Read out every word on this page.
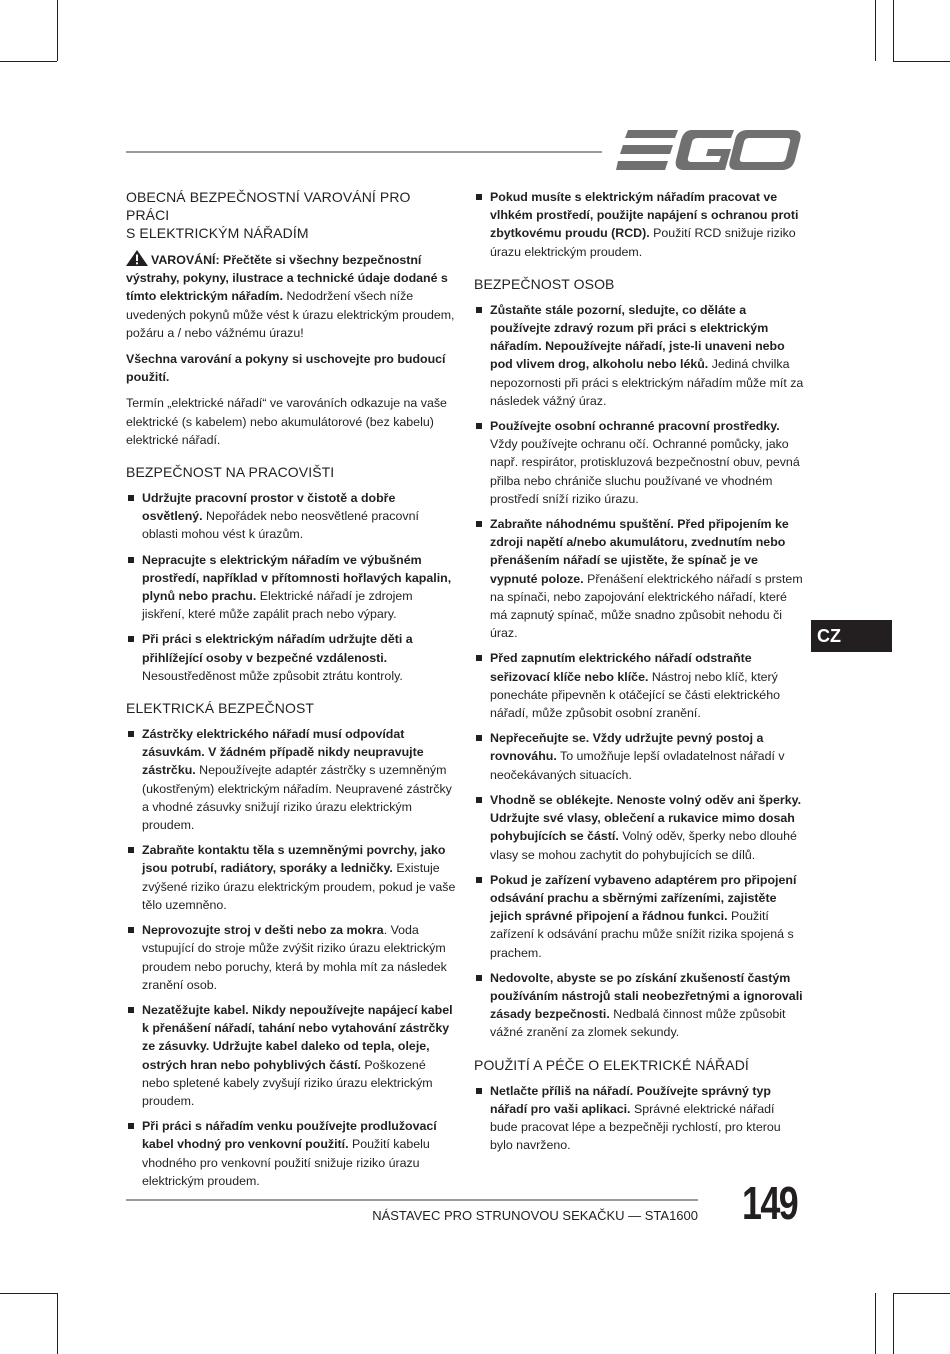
OBECNÁ BEZPEČNOSTNÍ VAROVÁNÍ PRO PRÁCI
S ELEKTRICKÝM NÁŘADÍM

VAROVÁNÍ: Přečtěte si všechny bezpečnostní výstrahy, pokyny, ilustrace a technické údaje dodané s tímto elektrickým nářadím. Nedodržení všech níže uvedených pokynů může vést k úrazu elektrickým proudem, požáru a / nebo vážnému úrazu!

Všechna varování a pokyny si uschovejte pro budoucí použití.

Termín „elektrické nářadí“ ve varováních odkazuje na vaše elektrické (s kabelem) nebo akumulátorové (bez kabelu) elektrické nářadí.

BEZPEČNOST NA PRACOVIŠTI
Udržujte pracovní prostor v čistotě a dobře osvětlený. Nepořádek nebo neosvětlené pracovní oblasti mohou vést k úrazům.
Nepracujte s elektrickým nářadím ve výbušném prostředí, například v přítomnosti hořlavých kapalin, plynů nebo prachu. Elektrické nářadí je zdrojem jiskření, které může zapálit prach nebo výpary.
Při práci s elektrickým nářadím udržujte děti a přihlížející osoby v bezpečné vzdálenosti. Nesoustředěnost může způsobit ztrátu kontroly.
ELEKTRICKÁ BEZPEČNOST
Zástrčky elektrického nářadí musí odpovídat zásuvkám. V žádném případě nikdy neupravujte zástrčku. Nepoužívejte adaptér zástrčky s uzemněným (ukostřeným) elektrickým nářadím. Neupravené zástrčky a vhodné zásuvky snižují riziko úrazu elektrickým proudem.
Zabraňte kontaktu těla s uzemněnými povrchy, jako jsou potrubí, radiátory, sporáky a ledničky. Existuje zvýšené riziko úrazu elektrickým proudem, pokud je vaše tělo uzemněno.
Neprovozujte stroj v dešti nebo za mokra. Voda vstupující do stroje může zvýšit riziko úrazu elektrickým proudem nebo poruchy, která by mohla mít za následek zranění osob.
Nezatěžujte kabel. Nikdy nepoužívejte napájecí kabel k přenášení nářadí, tahání nebo vytahování zástrčky ze zásuvky. Udržujte kabel daleko od tepla, oleje, ostrých hran nebo pohyblivých částí. Poškozené nebo spletené kabely zvyšují riziko úrazu elektrickým proudem.
Při práci s nářadím venku používejte prodlužovací kabel vhodný pro venkovní použití. Použití kabelu vhodného pro venkovní použití snižuje riziko úrazu elektrickým proudem.
Pokud musíte s elektrickým nářadím pracovat ve vlhkém prostředí, použijte napájení s ochranou proti zbytkovému proudu (RCD). Použití RCD snižuje riziko úrazu elektrickým proudem.
BEZPEČNOST OSOB
Zůstaňte stále pozorní, sledujte, co děláte a používejte zdravý rozum při práci s elektrickým nářadím. Nepoužívejte nářadí, jste-li unaveni nebo pod vlivem drog, alkoholu nebo léků. Jediná chvilka nepozornosti při práci s elektrickým nářadím může mít za následek vážný úraz.
Používejte osobní ochranné pracovní prostředky. Vždy používejte ochranu očí. Ochranné pomůcky, jako např. respirátor, protiskluzová bezpečnostní obuv, pevná přilba nebo chrániče sluchu používané ve vhodném prostředí sníží riziko úrazu.
Zabraňte náhodnému spuštění. Před připojením ke zdroji napětí a/nebo akumulátoru, zvednutím nebo přenášením nářadí se ujistěte, že spínač je ve vypnuté poloze. Přenášení elektrického nářadí s prstem na spínači, nebo zapojování elektrického nářadí, které má zapnutý spínač, může snadno způsobit nehodu či úraz.
Před zapnutím elektrického nářadí odstraňte seřizovací klíče nebo klíče. Nástroj nebo klíč, který ponecháte připevněn k otáčející se části elektrického nářadí, může způsobit osobní zranění.
Nepřeceňujte se. Vždy udržujte pevný postoj a rovnováhu. To umožňuje lepší ovladatelnost nářadí v neočekávaných situacích.
Vhodně se oblékejte. Nenoste volný oděv ani šperky. Udržujte své vlasy, oblečení a rukavice mimo dosah pohybujících se částí. Volný oděv, šperky nebo dlouhé vlasy se mohou zachytit do pohybujících se dílů.
Pokud je zařízení vybaveno adaptérem pro připojení odsávání prachu a sběrnými zařízeními, zajistěte jejich správné připojení a řádnou funkci. Použití zařízení k odsávání prachu může snížit rizika spojená s prachem.
Nedovolte, abyste se po získání zkušeností častým používáním nástrojů stali neobezřetnými a ignorovali zásady bezpečnosti. Nedbalá činnost může způsobit vážné zranění za zlomek sekundy.
POUŽITÍ A PÉČE O ELEKTRICKÉ NÁŘADÍ
Netlačte příliš na nářadí. Používejte správný typ nářadí pro vaši aplikaci. Správné elektrické nářadí bude pracovat lépe a bezpečněji rychlostí, pro kterou bylo navrženo.
CZ
NÁSTAVEC PRO STRUNOVOU SEKAČKU — STA1600 149
